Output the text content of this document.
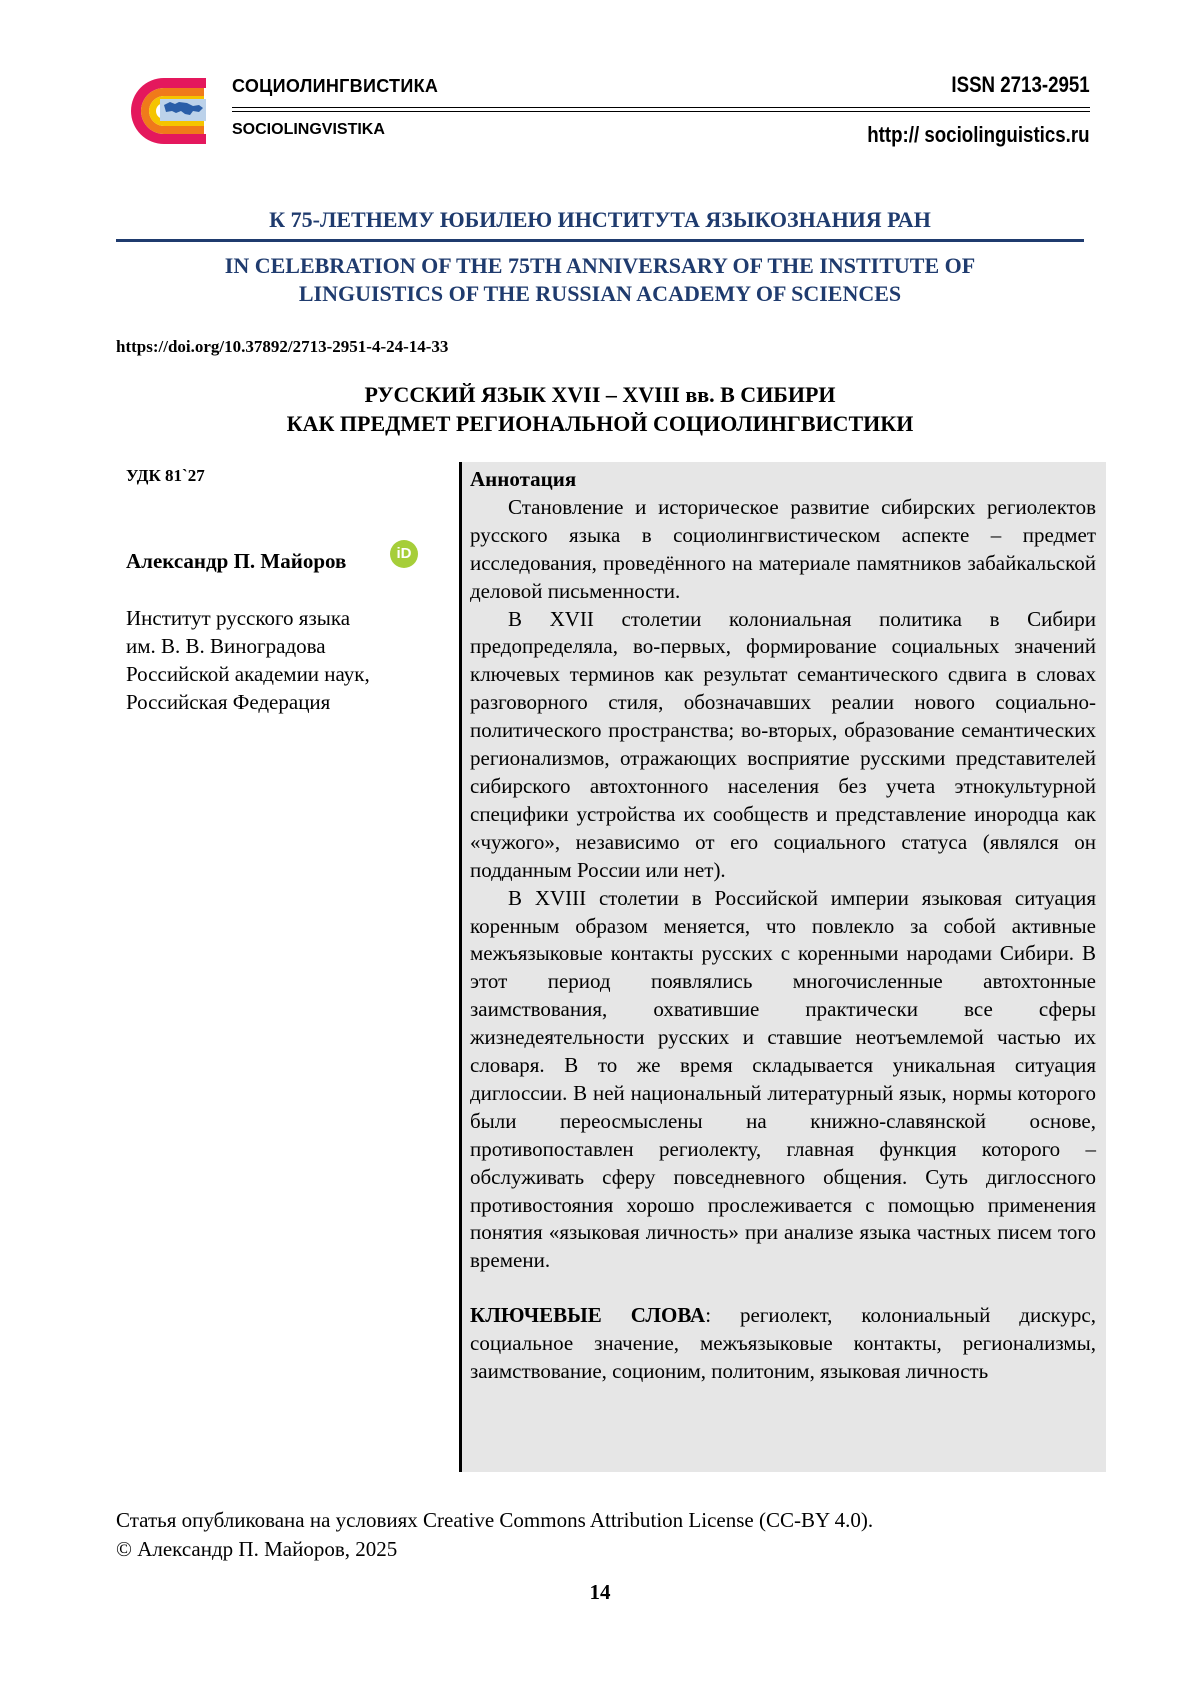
СОЦИОЛИНГВИСТИКА
SOCIOLINGVISTIKA
ISSN 2713-2951
http:// sociolinguistics.ru
К 75-ЛЕТНЕМУ ЮБИЛЕЮ ИНСТИТУТА ЯЗЫКОЗНАНИЯ РАН
IN CELEBRATION OF THE 75TH ANNIVERSARY OF THE INSTITUTE OF
LINGUISTICS OF THE RUSSIAN ACADEMY OF SCIENCES
https://doi.org/10.37892/2713-2951-4-24-14-33
РУССКИЙ ЯЗЫК XVII – XVIII вв. В СИБИРИ
КАК ПРЕДМЕТ РЕГИОНАЛЬНОЙ СОЦИОЛИНГВИСТИКИ
УДК 81`27
Александр П. Майоров	iD
Институт русского языка
им. В. В. Виноградова
Российской академии наук,
Российская Федерация
Аннотация

Становление и историческое развитие сибирских региолектов русского языка в социолингвистическом аспекте – предмет исследования, проведённого на материале памятников забайкальской деловой письменности.

В XVII столетии колониальная политика в Сибири предопределяла, во-первых, формирование социальных значений ключевых терминов как результат семантического сдвига в словах разговорного стиля, обозначавших реалии нового социально-политического пространства; во-вторых, образование семантических регионализмов, отражающих восприятие русскими представителей сибирского автохтонного населения без учета этнокультурной специфики устройства их сообществ и представление инородца как «чужого», независимо от его социального статуса (являлся он подданным России или нет).

В XVIII столетии в Российской империи языковая ситуация коренным образом меняется, что повлекло за собой активные межъязыковые контакты русских с коренными народами Сибири. В этот период появлялись многочисленные автохтонные заимствования, охватившие практически все сферы жизнедеятельности русских и ставшие неотъемлемой частью их словаря. В то же время складывается уникальная ситуация диглоссии. В ней национальный литературный язык, нормы которого были переосмыслены на книжно-славянской основе, противопоставлен региолекту, главная функция которого – обслуживать сферу повседневного общения. Суть диглоссного противостояния хорошо прослеживается с помощью применения понятия «языковая личность» при анализе языка частных писем того времени.

КЛЮЧЕВЫЕ СЛОВА: региолект, колониальный дискурс, социальное значение, межъязыковые контакты, регионализмы, заимствование, соционим, политоним, языковая личность
Статья опубликована на условиях Creative Commons Attribution License (CC-BY 4.0).
© Александр П. Майоров, 2025
14
